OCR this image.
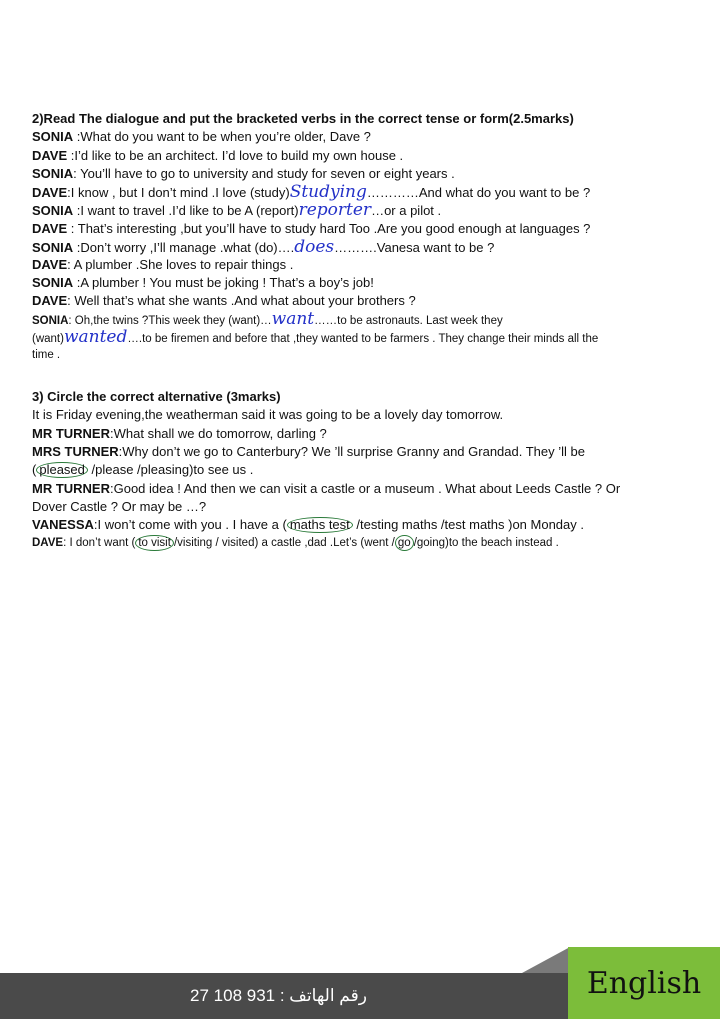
2)Read The dialogue and put the bracketed verbs in the correct tense or form(2.5marks)
SONIA :What do you want to be when you’re older, Dave ?
DAVE :I’d like to be an architect. I’d love to build my own house .
SONIA: You’ll have to go to university and study for seven or eight years .
DAVE:I know , but I don’t mind .I love (study)Studying…………And what do you want to be ?
SONIA :I want to travel .I’d like to be A (report)reporter…or a pilot .
DAVE : That’s interesting ,but you’ll have to study hard Too .Are you good enough at languages ?
SONIA :Don’t worry ,I’ll manage .what (do)….does……….Vanesa want to be ?
DAVE: A plumber .She loves to repair things .
SONIA :A plumber ! You must be joking ! That’s a boy’s job!
DAVE: Well that’s what she wants .And what about your brothers ?
SONIA: Oh,the twins ?This week they (want)…want……to be astronauts. Last week they
(want)wanted….to be firemen and before that ,they wanted to be farmers . They change their minds all the
time .
3) Circle the correct alternative (3marks)
It is Friday evening,the weatherman said it was going to be a lovely day tomorrow.
MR TURNER:What shall we do tomorrow, darling ?
MRS TURNER:Why don’t we go to Canterbury? We ’ll surprise Granny and Grandad. They ’ll be
( pleased /please /pleasing)to see us .
MR TURNER:Good idea ! And then we can visit a castle or a museum . What about Leeds Castle ? Or
Dover Castle ? Or may be …?
VANESSA:I won’t come with you . I have a ( maths test /testing maths /test maths )on Monday .
DAVE: I don’t want ( to visit /visiting / visited) a castle ,dad .Let’s (went / go /going)to the beach instead .
رقم الهاتف : 931 108 27	English
